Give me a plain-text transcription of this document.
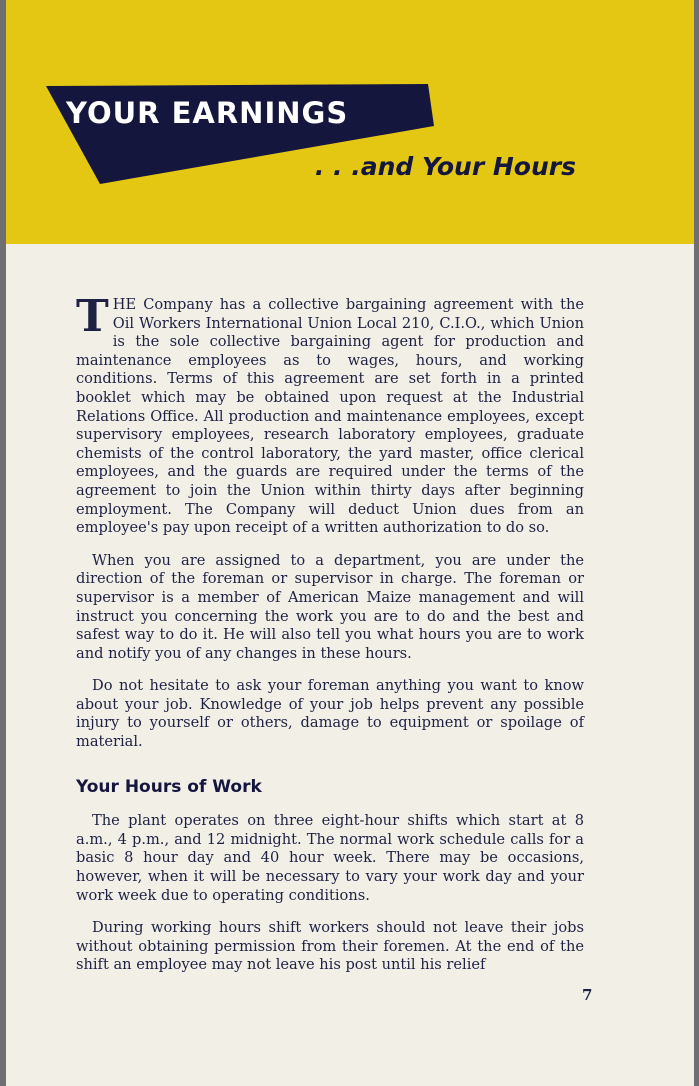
YOUR EARNINGS
. . .and Your Hours

THE Company has a collective bargaining agreement with the Oil Workers International Union Local 210, C.I.O., which Union is the sole collective bargaining agent for production and maintenance employees as to wages, hours, and working conditions. Terms of this agreement are set forth in a printed booklet which may be obtained upon request at the Industrial Relations Office. All production and maintenance employees, except supervisory employees, research laboratory employees, graduate chemists of the control laboratory, the yard master, office clerical employees, and the guards are required under the terms of the agreement to join the Union within thirty days after beginning employment. The Company will deduct Union dues from an employee's pay upon receipt of a written authorization to do so.

When you are assigned to a department, you are under the direction of the foreman or supervisor in charge. The foreman or supervisor is a member of American Maize management and will instruct you concerning the work you are to do and the best and safest way to do it. He will also tell you what hours you are to work and notify you of any changes in these hours.

Do not hesitate to ask your foreman anything you want to know about your job. Knowledge of your job helps prevent any possible injury to yourself or others, damage to equipment or spoilage of material.

Your Hours of Work

The plant operates on three eight-hour shifts which start at 8 a.m., 4 p.m., and 12 midnight. The normal work schedule calls for a basic 8 hour day and 40 hour week. There may be occasions, however, when it will be necessary to vary your work day and your work week due to operating conditions.

During working hours shift workers should not leave their jobs without obtaining permission from their foremen. At the end of the shift an employee may not leave his post until his relief

7
